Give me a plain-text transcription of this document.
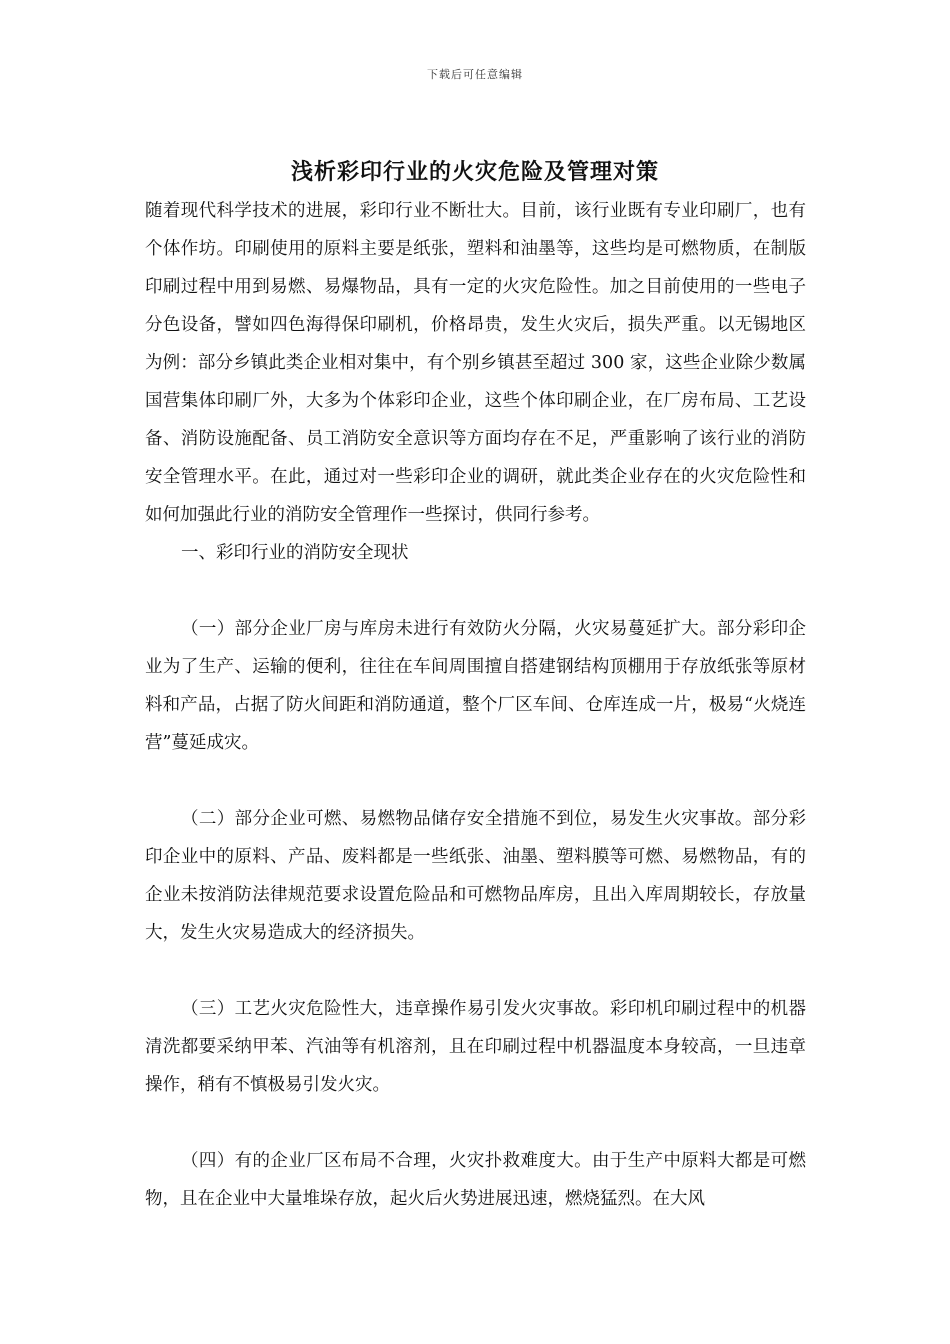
下载后可任意编辑
浅析彩印行业的火灾危险及管理对策

随着现代科学技术的进展，彩印行业不断壮大。目前，该行业既有专业印刷厂，也有个体作坊。印刷使用的原料主要是纸张，塑料和油墨等，这些均是可燃物质，在制版印刷过程中用到易燃、易爆物品，具有一定的火灾危险性。加之目前使用的一些电子分色设备，譬如四色海得保印刷机，价格昂贵，发生火灾后，损失严重。以无锡地区为例：部分乡镇此类企业相对集中，有个别乡镇甚至超过 300 家，这些企业除少数属国营集体印刷厂外，大多为个体彩印企业，这些个体印刷企业，在厂房布局、工艺设备、消防设施配备、员工消防安全意识等方面均存在不足，严重影响了该行业的消防安全管理水平。在此，通过对一些彩印企业的调研，就此类企业存在的火灾危险性和如何加强此行业的消防安全管理作一些探讨，供同行参考。

一、彩印行业的消防安全现状

（一）部分企业厂房与库房未进行有效防火分隔，火灾易蔓延扩大。部分彩印企业为了生产、运输的便利，往往在车间周围擅自搭建钢结构顶棚用于存放纸张等原材料和产品，占据了防火间距和消防通道，整个厂区车间、仓库连成一片，极易“火烧连营”蔓延成灾。

（二）部分企业可燃、易燃物品储存安全措施不到位，易发生火灾事故。部分彩印企业中的原料、产品、废料都是一些纸张、油墨、塑料膜等可燃、易燃物品，有的企业未按消防法律规范要求设置危险品和可燃物品库房，且出入库周期较长，存放量大，发生火灾易造成大的经济损失。

（三）工艺火灾危险性大，违章操作易引发火灾事故。彩印机印刷过程中的机器清洗都要采纳甲苯、汽油等有机溶剂，且在印刷过程中机器温度本身较高，一旦违章操作，稍有不慎极易引发火灾。

（四）有的企业厂区布局不合理，火灾扑救难度大。由于生产中原料大都是可燃物，且在企业中大量堆垛存放，起火后火势进展迅速，燃烧猛烈。在大风
